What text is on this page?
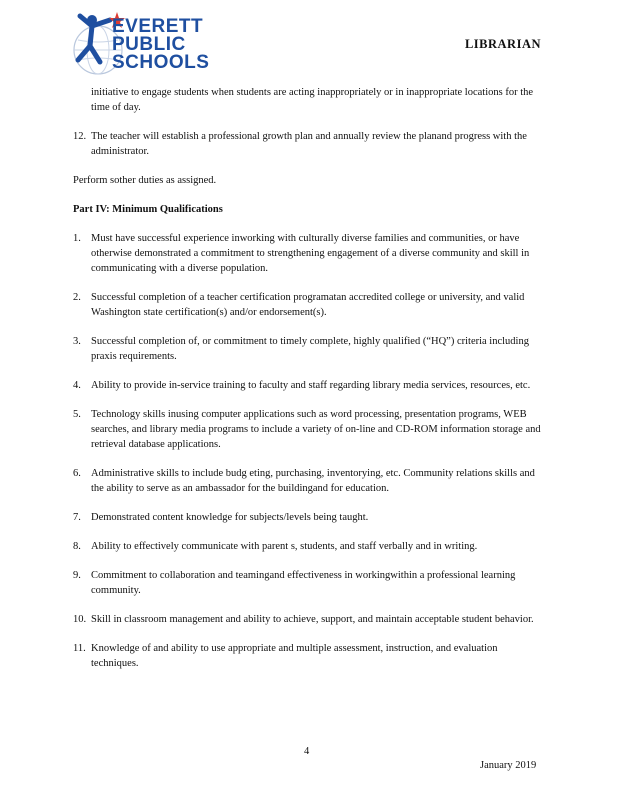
EVERETT
PUBLIC
SCHOOLS
LIBRARIAN
initiative to engage students when students are acting inappropriately or in inappropriate locations for the time of day.
12. The teacher will establish a professional growth plan and annually review the planand progress with the administrator.
Perform sother duties as assigned.
Part IV: Minimum Qualifications
1. Must have successful experience inworking with culturally diverse families and communities, or have otherwise demonstrated a commitment to strengthening engagement of a diverse community and skill in communicating with a diverse population.
2. Successful completion of a teacher certification programatan accredited college or university, and valid Washington state certification(s) and/or endorsement(s).
3. Successful completion of, or commitment to timely complete, highly qualified (“HQ”) criteria including praxis requirements.
4. Ability to provide in-service training to faculty and staff regarding library media services, resources, etc.
5. Technology skills inusing computer applications such as word processing, presentation programs, WEB searches, and library media programs to include a variety of on-line and CD-ROM information storage and retrieval database applications.
6. Administrative skills to include budg eting, purchasing, inventorying, etc. Community relations skills and the ability to serve as an ambassador for the buildingand for education.
7. Demonstrated content knowledge for subjects/levels being taught.
8. Ability to effectively communicate with parent s, students, and staff verbally and in writing.
9. Commitment to collaboration and teamingand effectiveness in workingwithin a professional learning community.
10. Skill in classroom management and ability to achieve, support, and maintain acceptable student behavior.
11. Knowledge of and ability to use appropriate and multiple assessment, instruction, and evaluation techniques.
4
January 2019
